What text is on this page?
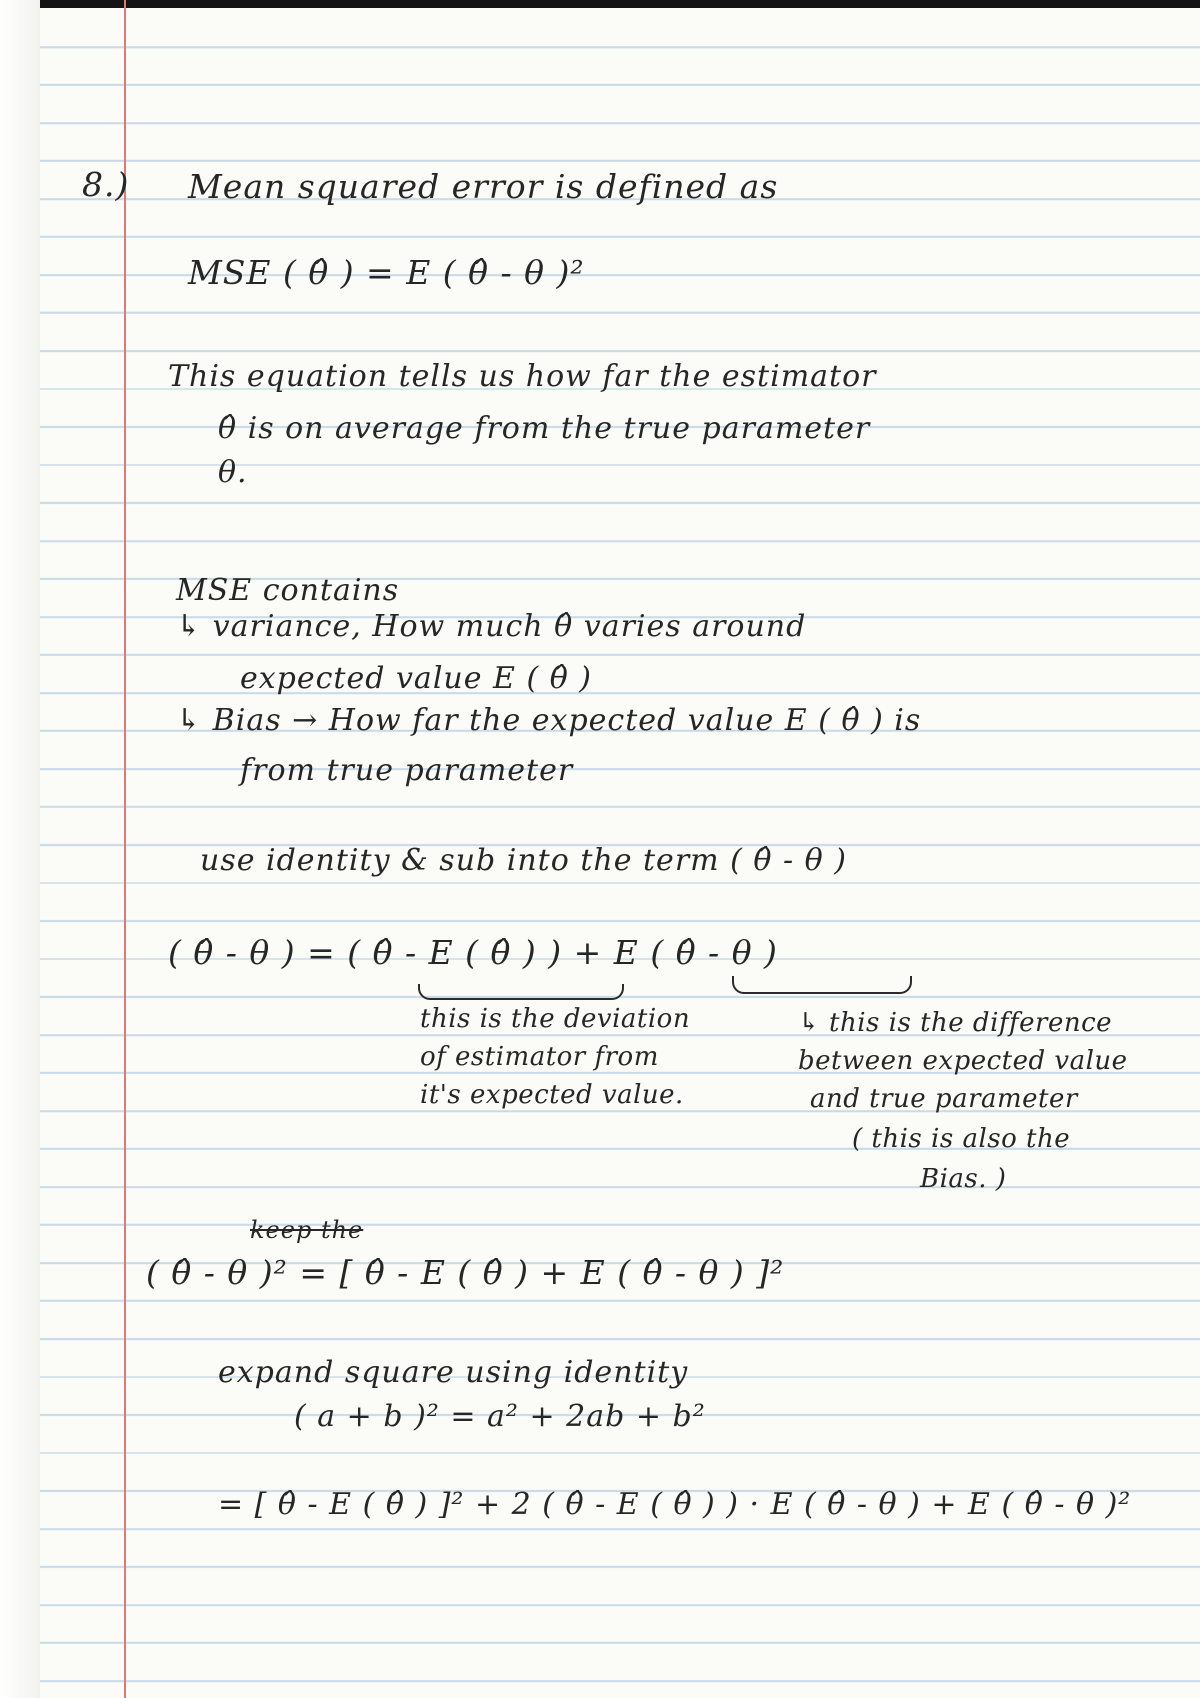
8.) Mean squared error is defined as

MSE ( θ̂ ) = E ( θ̂ - θ )²

This equation tells us how far the estimator

θ̂ is on average from the true parameter

θ.

MSE contains

↳ variance, How much θ̂ varies around

expected value E ( θ̂ )

↳ Bias → How far the expected value E ( θ̂ ) is

from true parameter

use identity & sub into the term ( θ̂ - θ )

( θ̂ - θ ) = ( θ̂ - E ( θ̂ ) ) + E ( θ̂ - θ )

this is the deviation

of estimator from

it's expected value.

↳ this is the difference

between expected value

and true parameter

( this is also the

Bias. )

keep the

( θ̂ - θ )² = [ θ̂ - E ( θ̂ ) + E ( θ̂ - θ ) ]²

expand square using identity

( a + b )² = a² + 2ab + b²

= [ θ̂ - E ( θ̂ ) ]² + 2 ( θ̂ - E ( θ̂ ) ) · E ( θ̂ - θ ) + E ( θ̂ - θ )²
